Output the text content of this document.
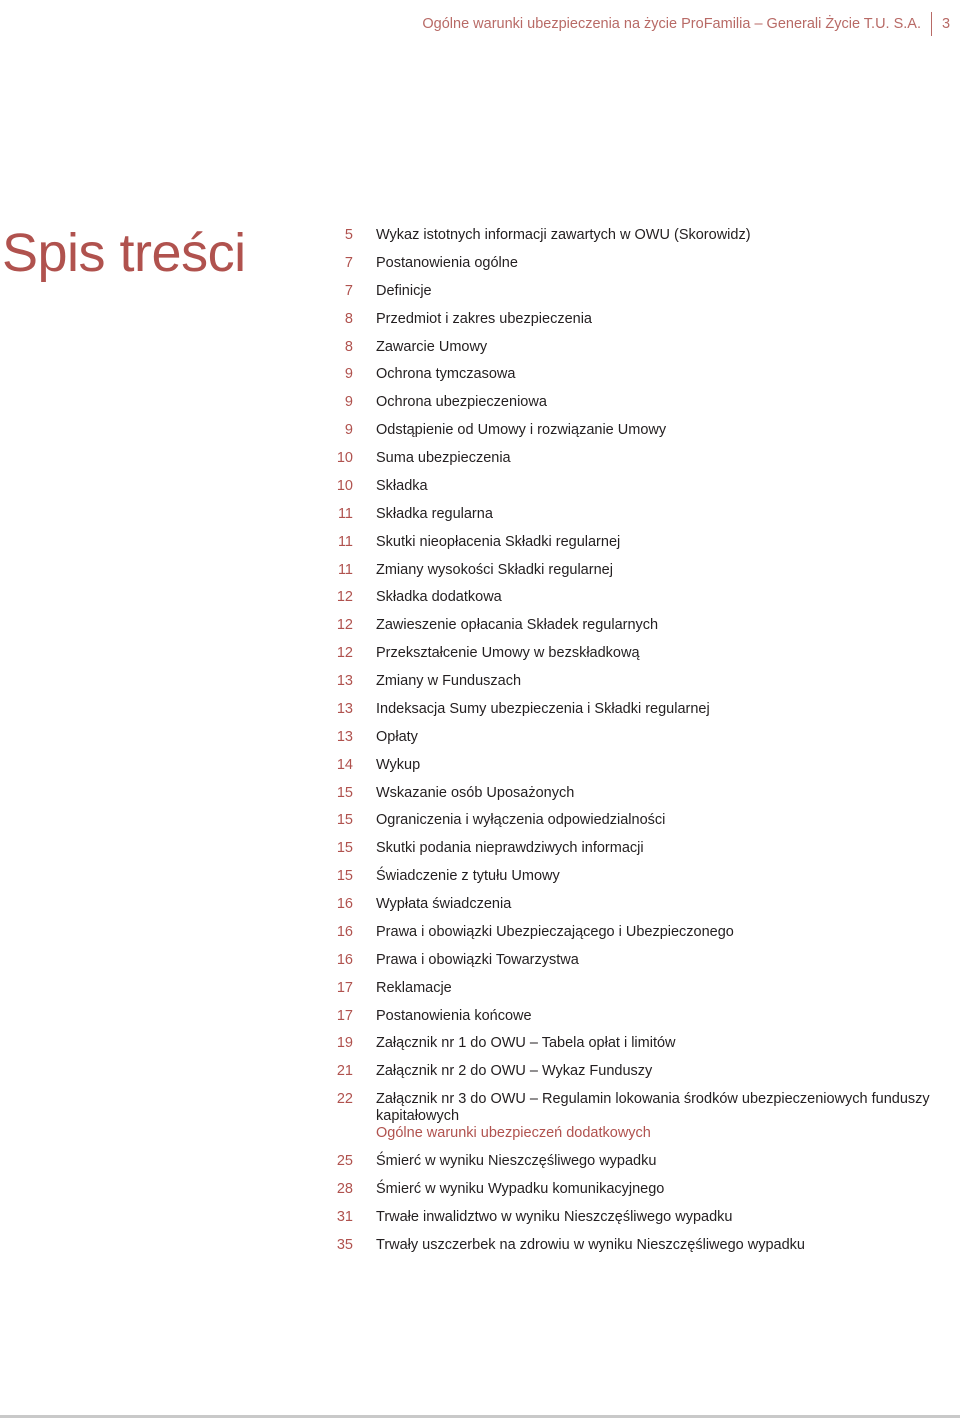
Ogólne warunki ubezpieczenia na życie ProFamilia – Generali Życie T.U. S.A.	3
Spis treści	5 Wykaz istotnych informacji zawartych w OWU (Skorowidz)
7 Postanowienia ogólne
7 Definicje
8 Przedmiot i zakres ubezpieczenia
8 Zawarcie Umowy
9 Ochrona tymczasowa
9 Ochrona ubezpieczeniowa
9 Odstąpienie od Umowy i rozwiązanie Umowy
10 Suma ubezpieczenia
10 Składka
11 Składka regularna
11 Skutki nieopłacenia Składki regularnej
11 Zmiany wysokości Składki regularnej
12 Składka dodatkowa
12 Zawieszenie opłacania Składek regularnych
12 Przekształcenie Umowy w bezskładkową
13 Zmiany w Funduszach
13 Indeksacja Sumy ubezpieczenia i Składki regularnej
13 Opłaty
14 Wykup
15 Wskazanie osób Uposażonych
15 Ograniczenia i wyłączenia odpowiedzialności
15 Skutki podania nieprawdziwych informacji
15 Świadczenie z tytułu Umowy
16 Wypłata świadczenia
16 Prawa i obowiązki Ubezpieczającego i Ubezpieczonego
16 Prawa i obowiązki Towarzystwa
17 Reklamacje
17 Postanowienia końcowe
19 Załącznik nr 1 do OWU – Tabela opłat i limitów
21 Załącznik nr 2 do OWU – Wykaz Funduszy
22 Załącznik nr 3 do OWU – Regulamin lokowania środków ubezpieczeniowych funduszy kapitałowych
Ogólne warunki ubezpieczeń dodatkowych
25 Śmierć w wyniku Nieszczęśliwego wypadku
28 Śmierć w wyniku Wypadku komunikacyjnego
31 Trwałe inwalidztwo w wyniku Nieszczęśliwego wypadku
35 Trwały uszczerbek na zdrowiu w wyniku Nieszczęśliwego wypadku
